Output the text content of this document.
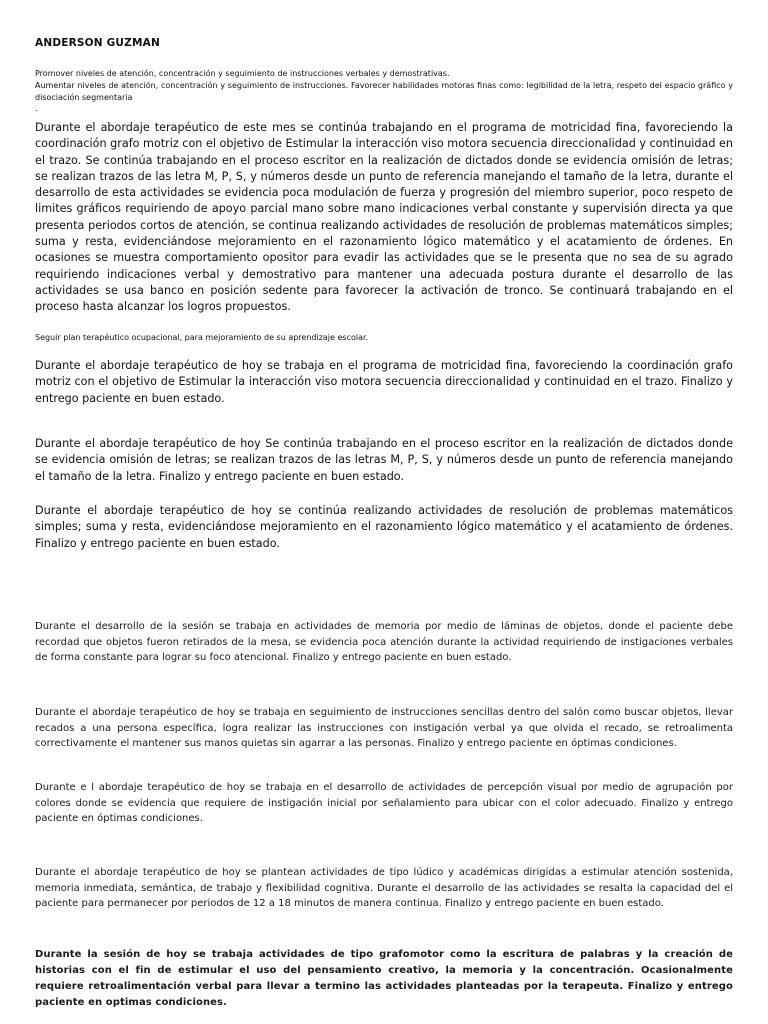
ANDERSON GUZMAN

Promover niveles de atención, concentración y seguimiento de instrucciones verbales y demostrativas.

Aumentar niveles de atención, concentración y seguimiento de instrucciones. Favorecer habilidades motoras finas como: legibilidad de la letra, respeto del espacio gráfico y disociación segmentaria

.

Durante el abordaje terapéutico de este mes se continúa trabajando en el programa de motricidad fina, favoreciendo la coordinación grafo motriz con el objetivo de Estimular la interacción viso motora secuencia direccionalidad y continuidad en el trazo. Se continúa trabajando en el proceso escritor en la realización de dictados donde se evidencia omisión de letras; se realizan trazos de las letra M, P, S, y números desde un punto de referencia manejando el tamaño de la letra, durante el desarrollo de esta actividades se evidencia poca modulación de fuerza y progresión del miembro superior, poco respeto de limites gráficos requiriendo de apoyo parcial mano sobre mano indicaciones verbal constante y supervisión directa ya que presenta periodos cortos de atención, se continua realizando actividades de resolución de problemas matemáticos simples; suma y resta, evidenciándose mejoramiento en el razonamiento lógico matemático y el acatamiento de órdenes. En ocasiones se muestra comportamiento opositor para evadir las actividades que se le presenta que no sea de su agrado requiriendo indicaciones verbal y demostrativo para mantener una adecuada postura durante el desarrollo de las actividades se usa banco en posición sedente para favorecer la activación de tronco. Se continuará trabajando en el proceso hasta alcanzar los logros propuestos.

Seguir plan terapéutico ocupacional, para mejoramiento de su aprendizaje escolar.

Durante el abordaje terapéutico de hoy se trabaja en el programa de motricidad fina, favoreciendo la coordinación grafo motriz con el objetivo de Estimular la interacción viso motora secuencia direccionalidad y continuidad en el trazo. Finalizo y entrego paciente en buen estado.

Durante el abordaje terapéutico de hoy Se continúa trabajando en el proceso escritor en la realización de dictados donde se evidencia omisión de letras; se realizan trazos de las letras M, P, S, y números desde un punto de referencia manejando el tamaño de la letra. Finalizo y entrego paciente en buen estado.

Durante el abordaje terapéutico de hoy se continúa realizando actividades de resolución de problemas matemáticos simples; suma y resta, evidenciándose mejoramiento en el razonamiento lógico matemático y el acatamiento de órdenes. Finalizo y entrego paciente en buen estado.

Durante el desarrollo de la sesión se trabaja en actividades de memoria por medio de láminas de objetos, donde el paciente debe recordad que objetos fueron retirados de la mesa, se evidencia poca atención durante la actividad requiriendo de instigaciones verbales de forma constante para lograr su foco atencional. Finalizo y entrego paciente en buen estado.

Durante el abordaje terapéutico de hoy se trabaja en seguimiento de instrucciones sencillas dentro del salón como buscar objetos, llevar recados a una persona específica, logra realizar las instrucciones con instigación verbal ya que olvida el recado, se retroalimenta correctivamente el mantener sus manos quietas sin agarrar a las personas. Finalizo y entrego paciente en óptimas condiciones.

Durante e l abordaje terapéutico de hoy se trabaja en el desarrollo de actividades de percepción visual por medio de agrupación por colores donde se evidencia que requiere de instigación inicial por señalamiento para ubicar con el color adecuado. Finalizo y entrego paciente en óptimas condiciones.

Durante el abordaje terapéutico de hoy se plantean actividades de tipo lúdico y académicas dirigidas a estimular atención sostenida, memoria inmediata, semántica, de trabajo y flexibilidad cognitiva. Durante el desarrollo de las actividades se resalta la capacidad del el paciente para permanecer por periodos de 12 a 18 minutos de manera continua. Finalizo y entrego paciente en buen estado.

Durante la sesión de hoy se trabaja actividades de tipo grafomotor como la escritura de palabras y la creación de historias con el fin de estimular el uso del pensamiento creativo, la memoria y la concentración. Ocasionalmente requiere retroalimentación verbal para llevar a termino las actividades planteadas por la terapeuta. Finalizo y entrego paciente en optimas condiciones.
